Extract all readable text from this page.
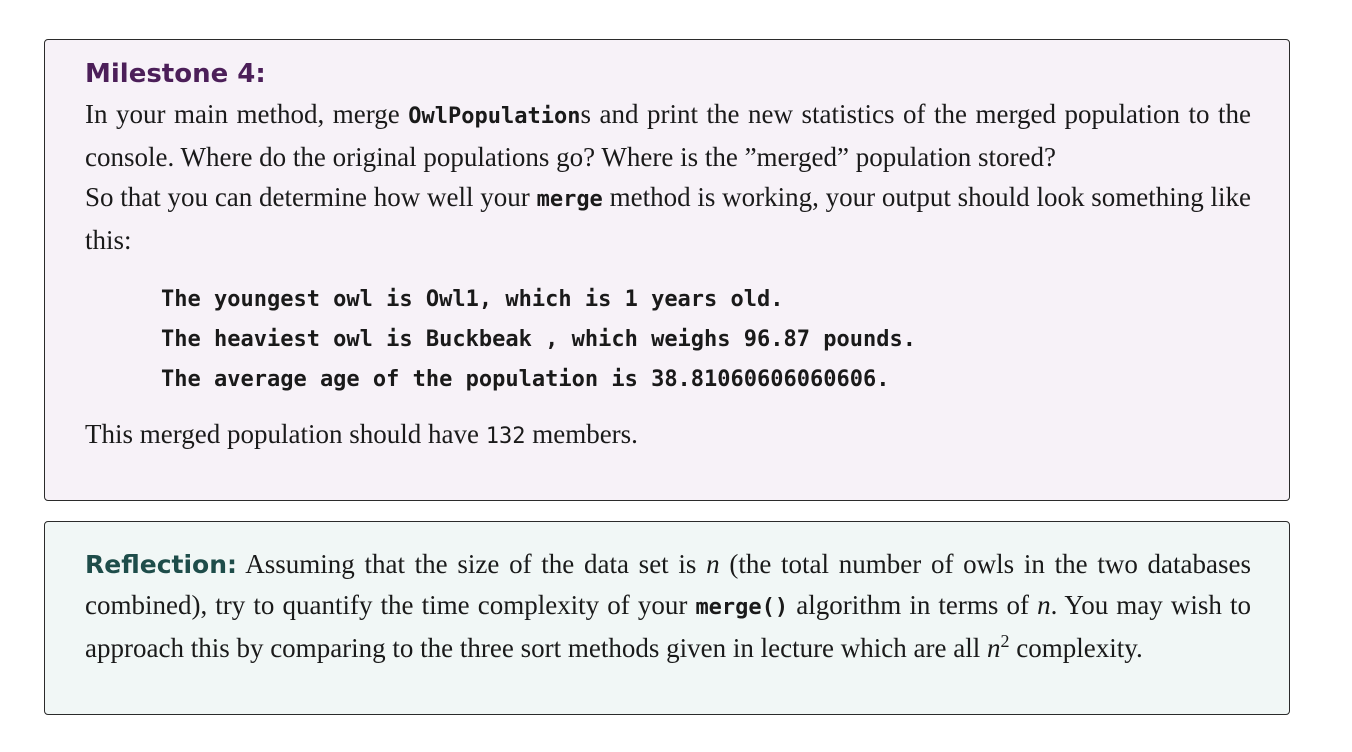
Milestone 4:

In your main method, merge OwlPopulations and print the new statistics of the merged population to the console. Where do the original populations go? Where is the ”merged” population stored?

So that you can determine how well your merge method is working, your output should look something like this:

The youngest owl is Owl1, which is 1 years old.
The heaviest owl is Buckbeak , which weighs 96.87 pounds.
The average age of the population is 38.81060606060606.

This merged population should have 132 members.

Reflection: Assuming that the size of the data set is n (the total number of owls in the two databases combined), try to quantify the time complexity of your merge() algorithm in terms of n. You may wish to approach this by comparing to the three sort methods given in lecture which are all $n^2$ complexity.
